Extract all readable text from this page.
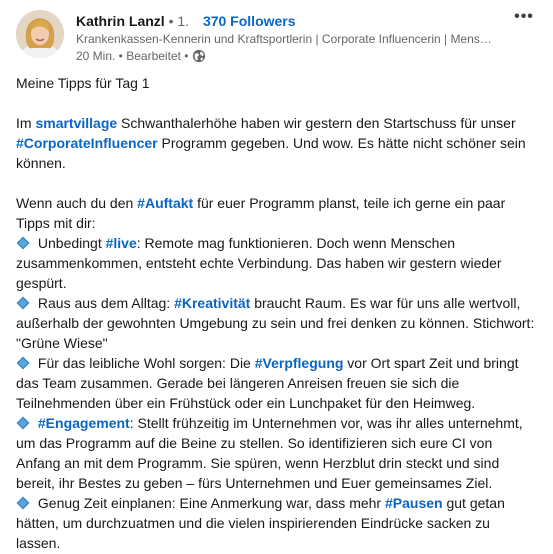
Kathrin Lanzl • 1. 370 Followers
Krankenkassen-Kennerin und Kraftsportlerin | Corporate Influencerin | Mens…
20 Min. • Bearbeitet •
•••

Meine Tipps für Tag 1

Im smartvillage Schwanthalerhöhe haben wir gestern den Startschuss für unser #CorporateInfluencer Programm gegeben. Und wow. Es hätte nicht schöner sein können.

Wenn auch du den #Auftakt für euer Programm planst, teile ich gerne ein paar Tipps mit dir:

Unbedingt #live: Remote mag funktionieren. Doch wenn Menschen zusammenkommen, entsteht echte Verbindung. Das haben wir gestern wieder gespürt.

Raus aus dem Alltag: #Kreativität braucht Raum. Es war für uns alle wertvoll, außerhalb der gewohnten Umgebung zu sein und frei denken zu können. Stichwort: "Grüne Wiese"

Für das leibliche Wohl sorgen: Die #Verpflegung vor Ort spart Zeit und bringt das Team zusammen. Gerade bei längeren Anreisen freuen sie sich die Teilnehmenden über ein Frühstück oder ein Lunchpaket für den Heimweg.

#Engagement: Stellt frühzeitig im Unternehmen vor, was ihr alles unternehmt, um das Programm auf die Beine zu stellen. So identifizieren sich eure CI von Anfang an mit dem Programm. Sie spüren, wenn Herzblut drin steckt und sind bereit, ihr Bestes zu geben – fürs Unternehmen und Euer gemeinsames Ziel.

Genug Zeit einplanen: Eine Anmerkung war, dass mehr #Pausen gut getan hätten, um durchzuatmen und die vielen inspirierenden Eindrücke sacken zu lassen.
